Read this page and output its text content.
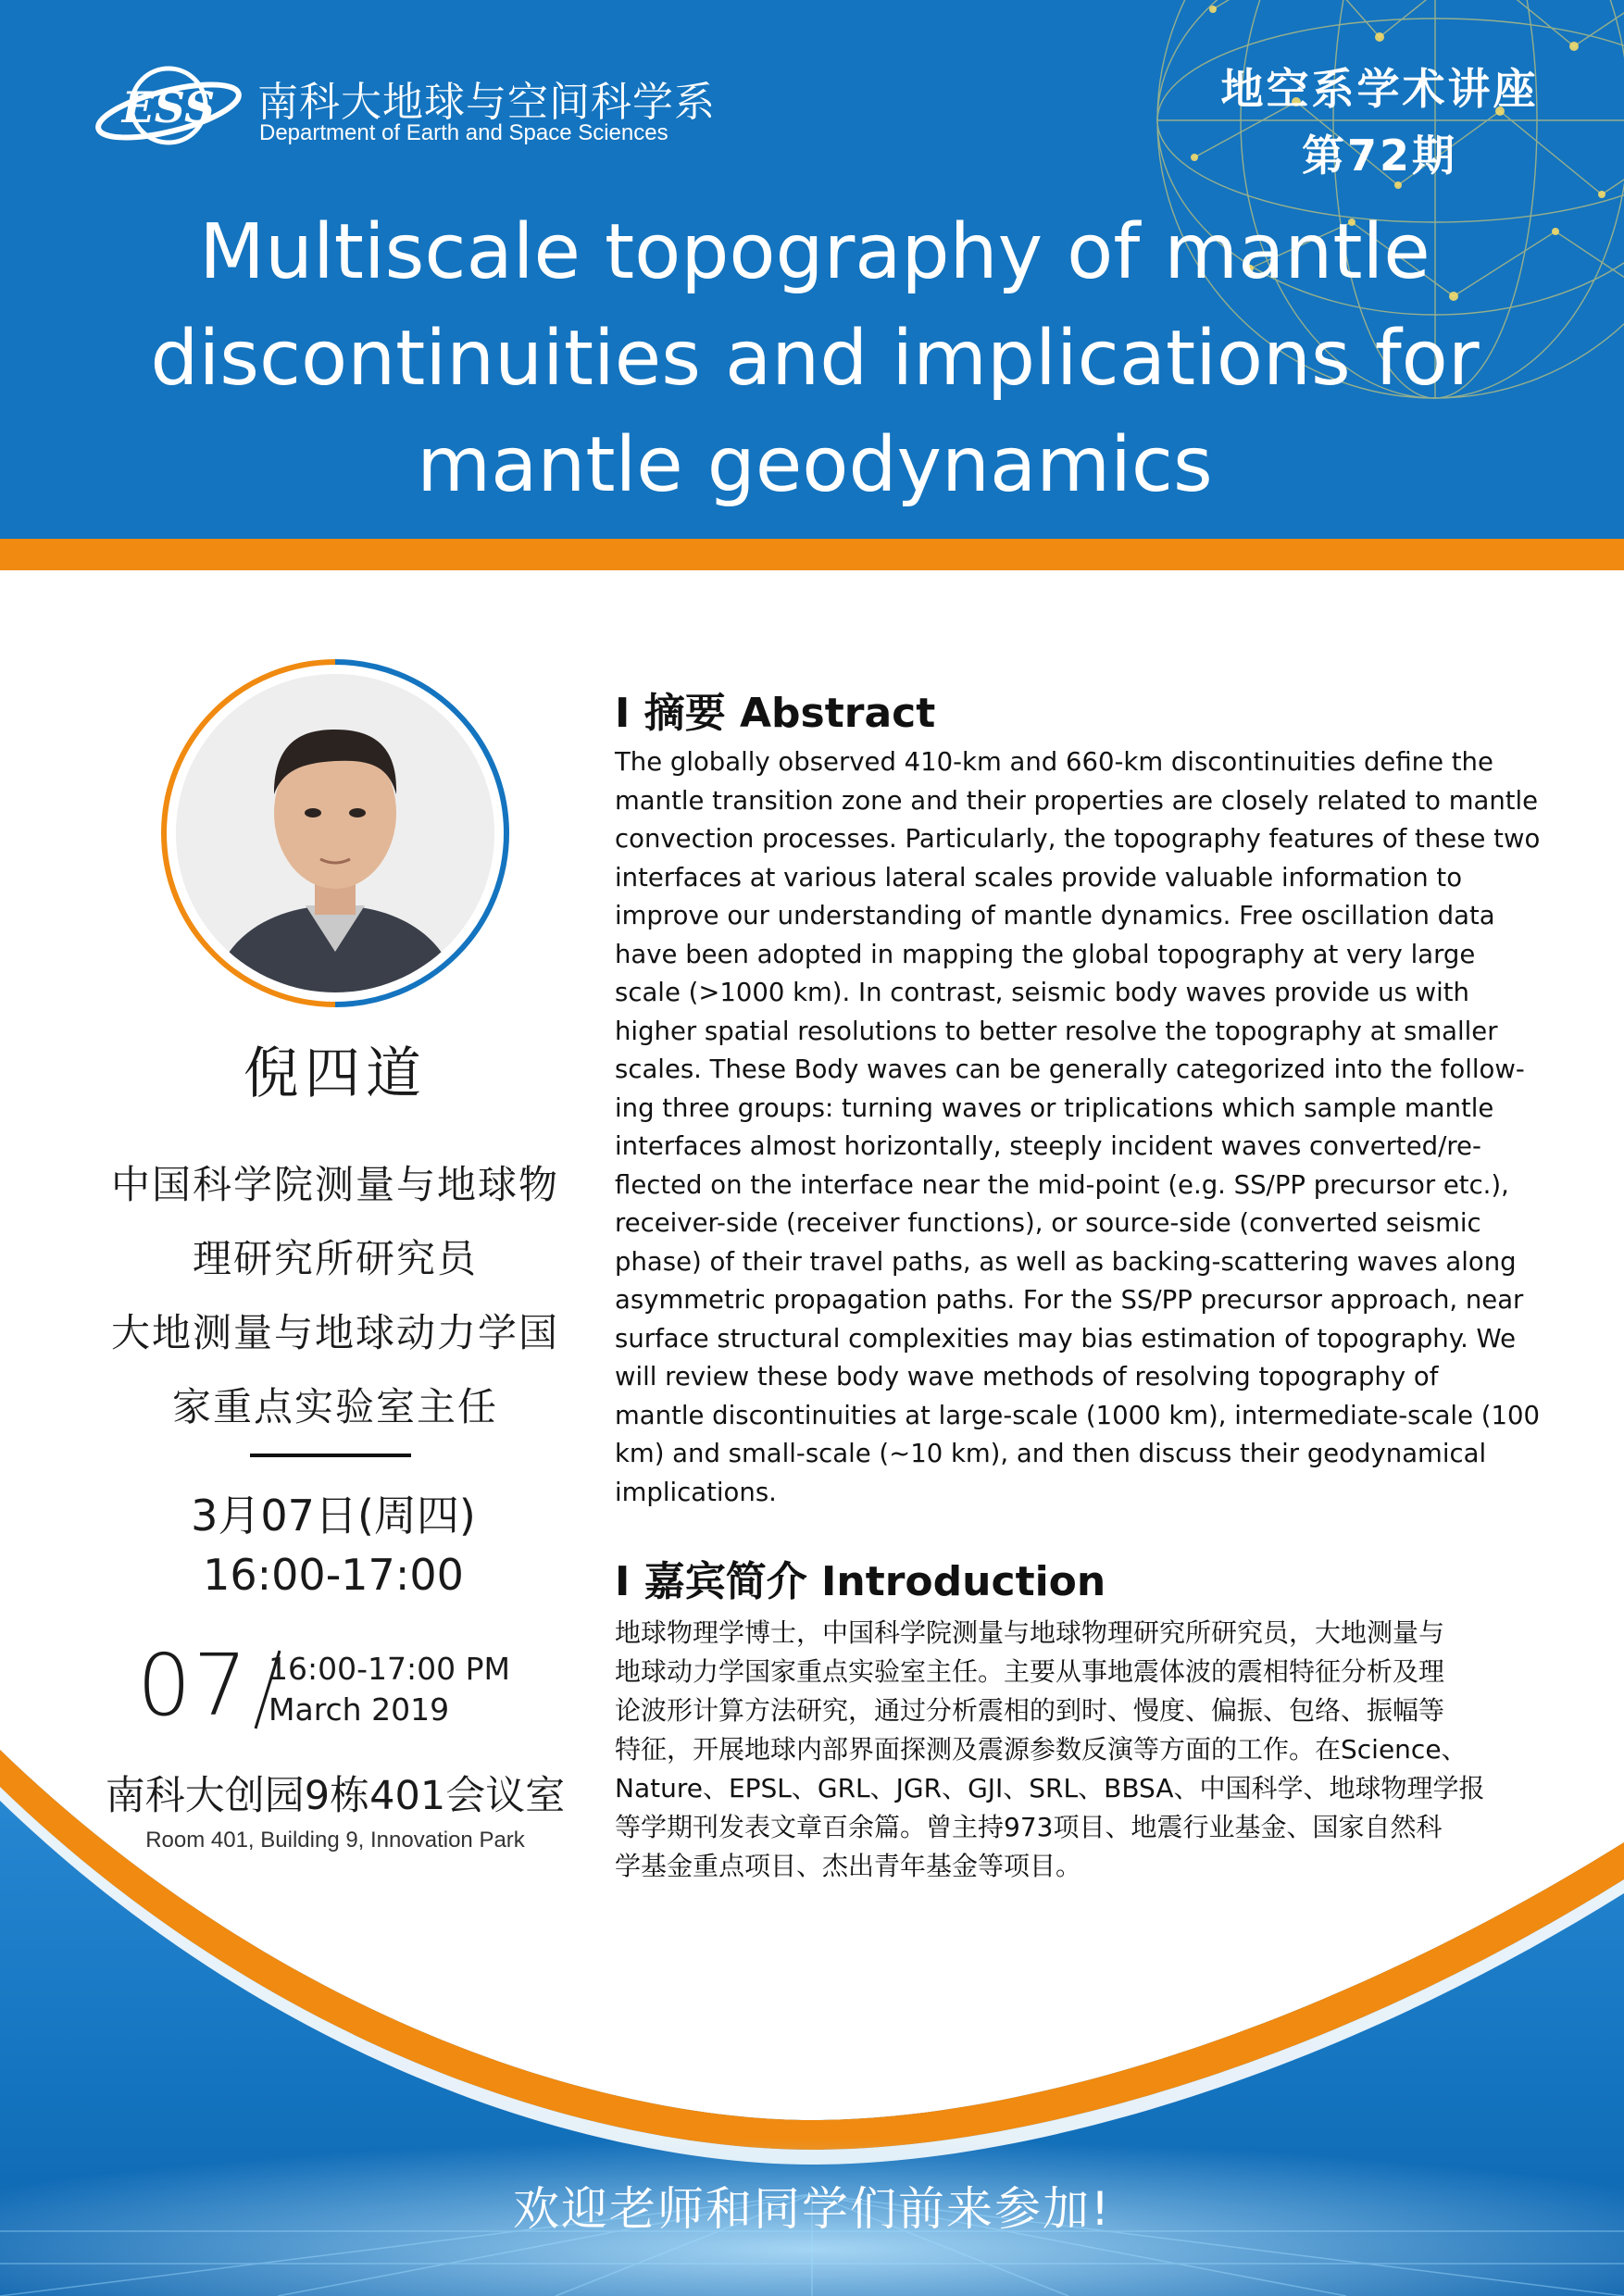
ESS 南科大地球与空间科学系
Department of Earth and Space Sciences
地空系学术讲座
第72期
Multiscale topography of mantle
discontinuities and implications for
mantle geodynamics
欢迎老师和同学们前来参加!
倪四道
中国科学院测量与地球物
理研究所研究员
大地测量与地球动力学国
家重点实验室主任
3月07日(周四)
16:00-17:00
07 16:00-17:00 PM
March 2019
南科大创园9栋401会议室
Room 401, Building 9, Innovation Park
I 摘要 Abstract
The globally observed 410-km and 660-km discontinuities define the
mantle transition zone and their properties are closely related to mantle
convection processes. Particularly, the topography features of these two
interfaces at various lateral scales provide valuable information to
improve our understanding of mantle dynamics. Free oscillation data
have been adopted in mapping the global topography at very large
scale (>1000 km). In contrast, seismic body waves provide us with
higher spatial resolutions to better resolve the topography at smaller
scales. These Body waves can be generally categorized into the follow-
ing three groups: turning waves or triplications which sample mantle
interfaces almost horizontally, steeply incident waves converted/re-
flected on the interface near the mid-point (e.g. SS/PP precursor etc.),
receiver-side (receiver functions), or source-side (converted seismic
phase) of their travel paths, as well as backing-scattering waves along
asymmetric propagation paths. For the SS/PP precursor approach, near
surface structural complexities may bias estimation of topography. We
will review these body wave methods of resolving topography of
mantle discontinuities at large-scale (1000 km), intermediate-scale (100
km) and small-scale (~10 km), and then discuss their geodynamical
implications.
I 嘉宾简介 Introduction
地球物理学博士，中国科学院测量与地球物理研究所研究员，大地测量与
地球动力学国家重点实验室主任。主要从事地震体波的震相特征分析及理
论波形计算方法研究，通过分析震相的到时、慢度、偏振、包络、振幅等
特征，开展地球内部界面探测及震源参数反演等方面的工作。在Science、
Nature、EPSL、GRL、JGR、GJI、SRL、BBSA、中国科学、地球物理学报
等学期刊发表文章百余篇。曾主持973项目、地震行业基金、国家自然科
学基金重点项目、杰出青年基金等项目。
